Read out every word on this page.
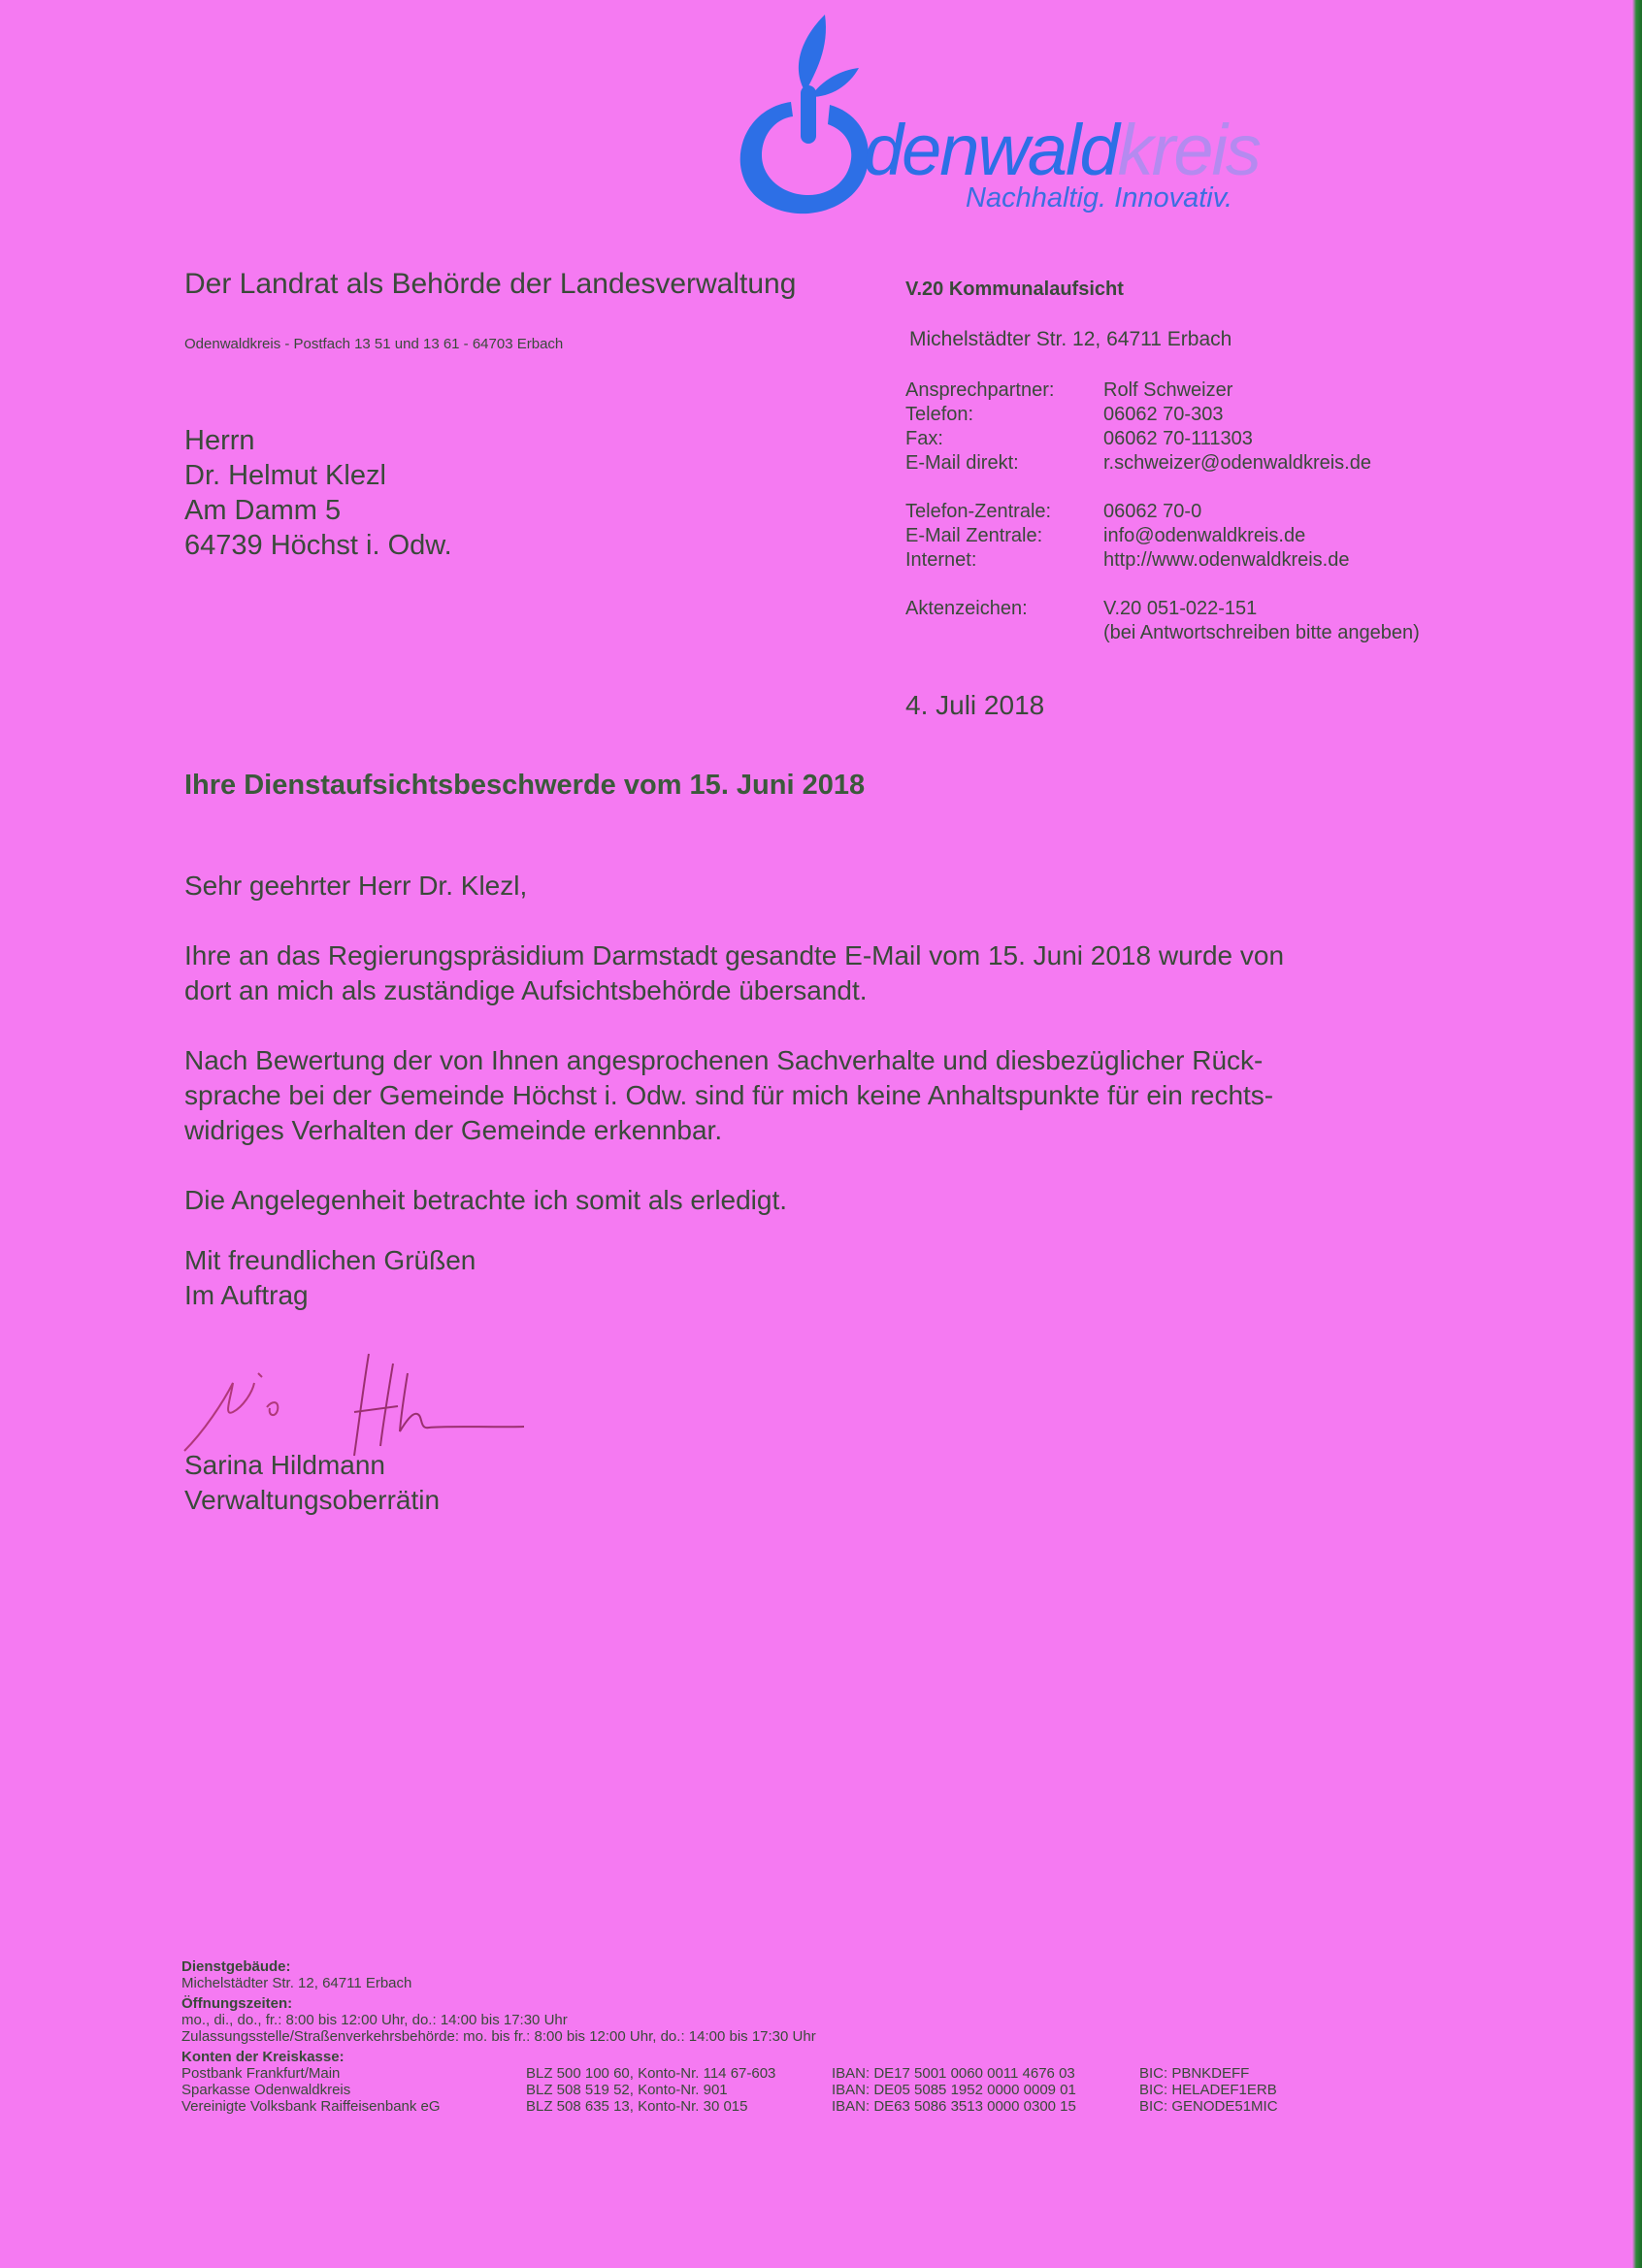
denwaldkreis
Nachhaltig. Innovativ.
Der Landrat als Behörde der Landesverwaltung
Odenwaldkreis - Postfach 13 51 und 13 61 - 64703 Erbach
Herrn
Dr. Helmut Klezl
Am Damm 5
64739 Höchst i. Odw.
V.20 Kommunalaufsicht
Michelstädter Str. 12, 64711 Erbach
Ansprechpartner:	Rolf Schweizer
Telefon:	06062 70-303
Fax:	06062 70-111303
E-Mail direkt:	r.schweizer@odenwaldkreis.de
Telefon-Zentrale:	06062 70-0
E-Mail Zentrale:	info@odenwaldkreis.de
Internet:	http://www.odenwaldkreis.de
Aktenzeichen:	V.20 051-022-151
(bei Antwortschreiben bitte angeben)
4. Juli 2018
Ihre Dienstaufsichtsbeschwerde vom 15. Juni 2018

Sehr geehrter Herr Dr. Klezl,

Ihre an das Regierungspräsidium Darmstadt gesandte E-Mail vom 15. Juni 2018 wurde von
dort an mich als zuständige Aufsichtsbehörde übersandt.

Nach Bewertung der von Ihnen angesprochenen Sachverhalte und diesbezüglicher Rück-
sprache bei der Gemeinde Höchst i. Odw. sind für mich keine Anhaltspunkte für ein rechts-
widriges Verhalten der Gemeinde erkennbar.

Die Angelegenheit betrachte ich somit als erledigt.

Mit freundlichen Grüßen
Im Auftrag
Sarina Hildmann
Verwaltungsoberrätin
Dienstgebäude:
Michelstädter Str. 12, 64711 Erbach
Öffnungszeiten:
mo., di., do., fr.: 8:00 bis 12:00 Uhr, do.: 14:00 bis 17:30 Uhr
Zulassungsstelle/Straßenverkehrsbehörde: mo. bis fr.: 8:00 bis 12:00 Uhr, do.: 14:00 bis 17:30 Uhr
Konten der Kreiskasse:
Postbank Frankfurt/Main	BLZ 500 100 60, Konto-Nr. 114 67-603	IBAN: DE17 5001 0060 0011 4676 03	BIC: PBNKDEFF
Sparkasse Odenwaldkreis	BLZ 508 519 52, Konto-Nr. 901	IBAN: DE05 5085 1952 0000 0009 01	BIC: HELADEF1ERB
Vereinigte Volksbank Raiffeisenbank eG	BLZ 508 635 13, Konto-Nr. 30 015	IBAN: DE63 5086 3513 0000 0300 15	BIC: GENODE51MIC
